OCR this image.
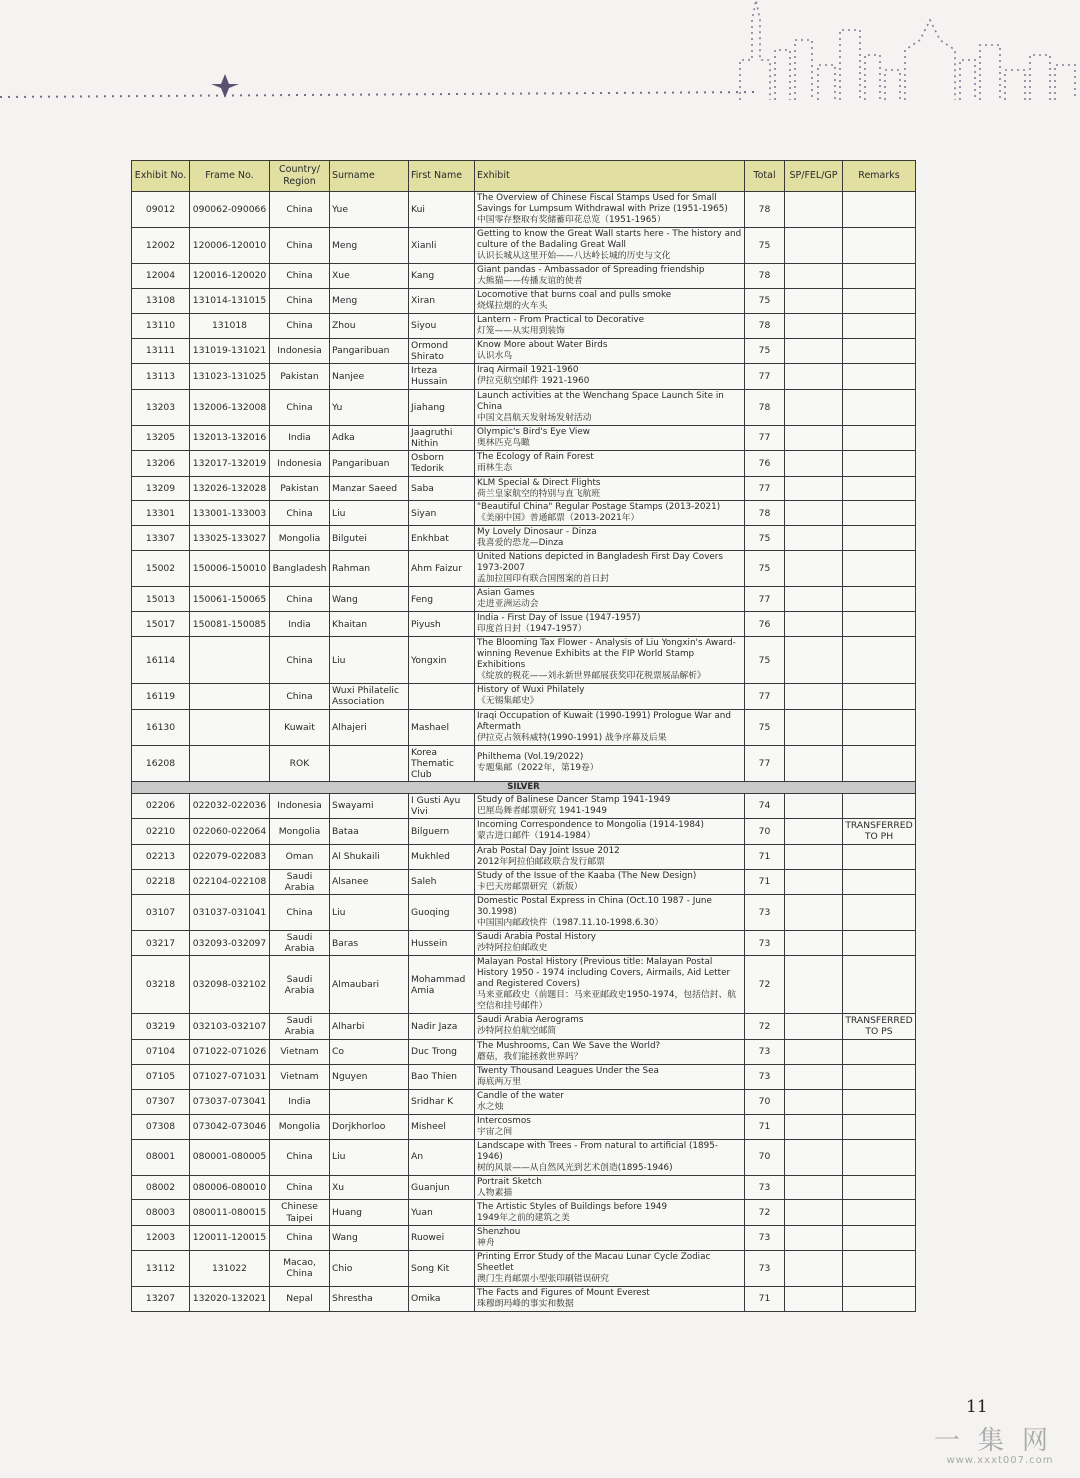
Exhibit No.	Frame No.	Country/ Region	Surname	First Name	Exhibit	Total	SP/FEL/GP	Remarks
09012	090062-090066	China	Yue	Kui	The Overview of Chinese Fiscal Stamps Used for Small Savings for Lumpsum Withdrawal with Prize (1951-1965)
中国零存整取有奖储蓄印花总览（1951-1965）	78		
12002	120006-120010	China	Meng	Xianli	Getting to know the Great Wall starts here - The history and culture of the Badaling Great Wall
认识长城从这里开始——八达岭长城的历史与文化	75		
12004	120016-120020	China	Xue	Kang	Giant pandas - Ambassador of Spreading friendship
大熊猫——传播友谊的使者	78		
13108	131014-131015	China	Meng	Xiran	Locomotive that burns coal and pulls smoke
烧煤拉烟的火车头	75		
13110	131018	China	Zhou	Siyou	Lantern - From Practical to Decorative
灯笼——从实用到装饰	78		
13111	131019-131021	Indonesia	Pangaribuan	Ormond Shirato	Know More about Water Birds
认识水鸟	75		
13113	131023-131025	Pakistan	Nanjee	Irteza Hussain	Iraq Airmail 1921-1960
伊拉克航空邮件 1921-1960	77		
13203	132006-132008	China	Yu	Jiahang	Launch activities at the Wenchang Space Launch Site in China
中国文昌航天发射场发射活动	78		
13205	132013-132016	India	Adka	Jaagruthi Nithin	Olympic's Bird's Eye View
奥林匹克鸟瞰	77		
13206	132017-132019	Indonesia	Pangaribuan	Osborn Tedorik	The Ecology of Rain Forest
雨林生态	76		
13209	132026-132028	Pakistan	Manzar Saeed	Saba	KLM Special & Direct Flights
荷兰皇家航空的特别与直飞航班	77		
13301	133001-133003	China	Liu	Siyan	"Beautiful China" Regular Postage Stamps (2013-2021)
《美丽中国》普通邮票（2013-2021年）	78		
13307	133025-133027	Mongolia	Bilgutei	Enkhbat	My Lovely Dinosaur - Dinza
我喜爱的恐龙—Dinza	75		
15002	150006-150010	Bangladesh	Rahman	Ahm Faizur	United Nations depicted in Bangladesh First Day Covers 1973-2007
孟加拉国印有联合国图案的首日封	75		
15013	150061-150065	China	Wang	Feng	Asian Games
走进亚洲运动会	77		
15017	150081-150085	India	Khaitan	Piyush	India - First Day of Issue (1947-1957)
印度首日封（1947-1957）	76		
16114		China	Liu	Yongxin	The Blooming Tax Flower - Analysis of Liu Yongxin's Award-winning Revenue Exhibits at the FIP World Stamp Exhibitions
《绽放的税花——刘永新世界邮展获奖印花税票展品解析》	75		
16119		China	Wuxi Philatelic Association		History of Wuxi Philately
《无锡集邮史》	77		
16130		Kuwait	Alhajeri	Mashael	Iraqi Occupation of Kuwait (1990-1991) Prologue War and Aftermath
伊拉克占领科威特(1990-1991) 战争序幕及后果	75		
16208		ROK		Korea Thematic Club	Philthema (Vol.19/2022)
专题集邮（2022年，第19卷）	77		
SILVER								
02206	022032-022036	Indonesia	Swayami	I Gusti Ayu Vivi	Study of Balinese Dancer Stamp 1941-1949
巴厘岛舞者邮票研究 1941-1949	74		
02210	022060-022064	Mongolia	Bataa	Bilguern	Incoming Correspondence to Mongolia (1914-1984)
蒙古进口邮件（1914-1984）	70		TRANSFERRED TO PH
02213	022079-022083	Oman	Al Shukaili	Mukhled	Arab Postal Day Joint Issue 2012
2012年阿拉伯邮政联合发行邮票	71		
02218	022104-022108	Saudi Arabia	Alsanee	Saleh	Study of the Issue of the Kaaba (The New Design)
卡巴天房邮票研究（新版）	71		
03107	031037-031041	China	Liu	Guoqing	Domestic Postal Express in China (Oct.10 1987 - June 30.1998)
中国国内邮政快件（1987.11.10-1998.6.30）	73		
03217	032093-032097	Saudi Arabia	Baras	Hussein	Saudi Arabia Postal History
沙特阿拉伯邮政史	73		
03218	032098-032102	Saudi Arabia	Almaubari	Mohammad Amia	Malayan Postal History (Previous title: Malayan Postal History 1950 - 1974 including Covers, Airmails, Aid Letter and Registered Covers)
马来亚邮政史（前题目：马来亚邮政史1950-1974，包括信封、航空信和挂号邮件）	72		
03219	032103-032107	Saudi Arabia	Alharbi	Nadir Jaza	Saudi Arabia Aerograms
沙特阿拉伯航空邮简	72		TRANSFERRED TO PS
07104	071022-071026	Vietnam	Co	Duc Trong	The Mushrooms, Can We Save the World?
蘑菇，我们能拯救世界吗？	73		
07105	071027-071031	Vietnam	Nguyen	Bao Thien	Twenty Thousand Leagues Under the Sea
海底两万里	73		
07307	073037-073041	India		Sridhar K	Candle of the water
水之烛	70		
07308	073042-073046	Mongolia	Dorjkhorloo	Misheel	Intercosmos
宇宙之间	71		
08001	080001-080005	China	Liu	An	Landscape with Trees - From natural to artificial (1895-1946)
树的风景——从自然风光到艺术创造(1895-1946)	70		
08002	080006-080010	China	Xu	Guanjun	Portrait Sketch
人物素描	73		
08003	080011-080015	Chinese Taipei	Huang	Yuan	The Artistic Styles of Buildings before 1949
1949年之前的建筑之美	72		
12003	120011-120015	China	Wang	Ruowei	Shenzhou
神舟	73		
13112	131022	Macao, China	Chio	Song Kit	Printing Error Study of the Macau Lunar Cycle Zodiac Sheetlet
澳门生肖邮票小型张印刷错误研究	73		
13207	132020-132021	Nepal	Shrestha	Omika	The Facts and Figures of Mount Everest
珠穆朗玛峰的事实和数据	71		
11
一集网
www.xxxt007.com
